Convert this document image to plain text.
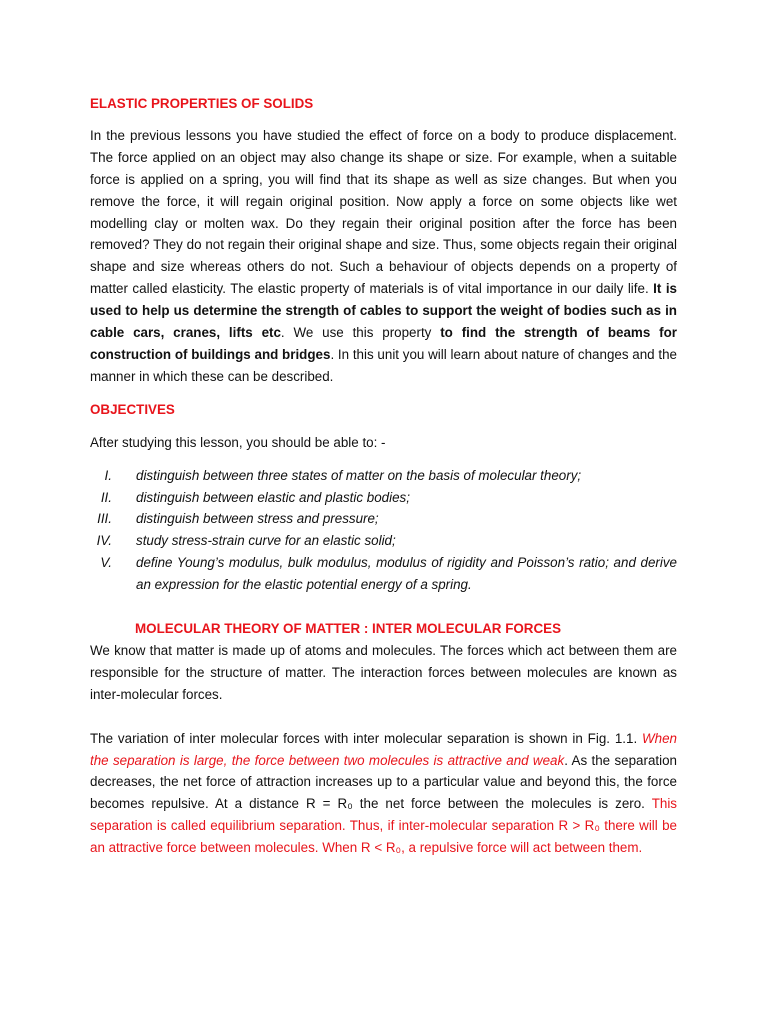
ELASTIC PROPERTIES OF SOLIDS

In the previous lessons you have studied the effect of force on a body to produce displacement. The force applied on an object may also change its shape or size. For example, when a suitable force is applied on a spring, you will find that its shape as well as size changes. But when you remove the force, it will regain original position. Now apply a force on some objects like wet modelling clay or molten wax. Do they regain their original position after the force has been removed? They do not regain their original shape and size. Thus, some objects regain their original shape and size whereas others do not. Such a behaviour of objects depends on a property of matter called elasticity. The elastic property of materials is of vital importance in our daily life. It is used to help us determine the strength of cables to support the weight of bodies such as in cable cars, cranes, lifts etc. We use this property to find the strength of beams for construction of buildings and bridges. In this unit you will learn about nature of changes and the manner in which these can be described.

OBJECTIVES

After studying this lesson, you should be able to: -

I. distinguish between three states of matter on the basis of molecular theory;
II. distinguish between elastic and plastic bodies;
III. distinguish between stress and pressure;
IV. study stress-strain curve for an elastic solid;
V. define Young’s modulus, bulk modulus, modulus of rigidity and Poisson’s ratio; and derive an expression for the elastic potential energy of a spring.

MOLECULAR THEORY OF MATTER : INTER MOLECULAR FORCES

We know that matter is made up of atoms and molecules. The forces which act between them are responsible for the structure of matter. The interaction forces between molecules are known as inter-molecular forces.

The variation of inter molecular forces with inter molecular separation is shown in Fig. 1.1. When the separation is large, the force between two molecules is attractive and weak. As the separation decreases, the net force of attraction increases up to a particular value and beyond this, the force becomes repulsive. At a distance R = R₀ the net force between the molecules is zero. This separation is called equilibrium separation. Thus, if inter-molecular separation R > R₀ there will be an attractive force between molecules. When R < R₀, a repulsive force will act between them.
